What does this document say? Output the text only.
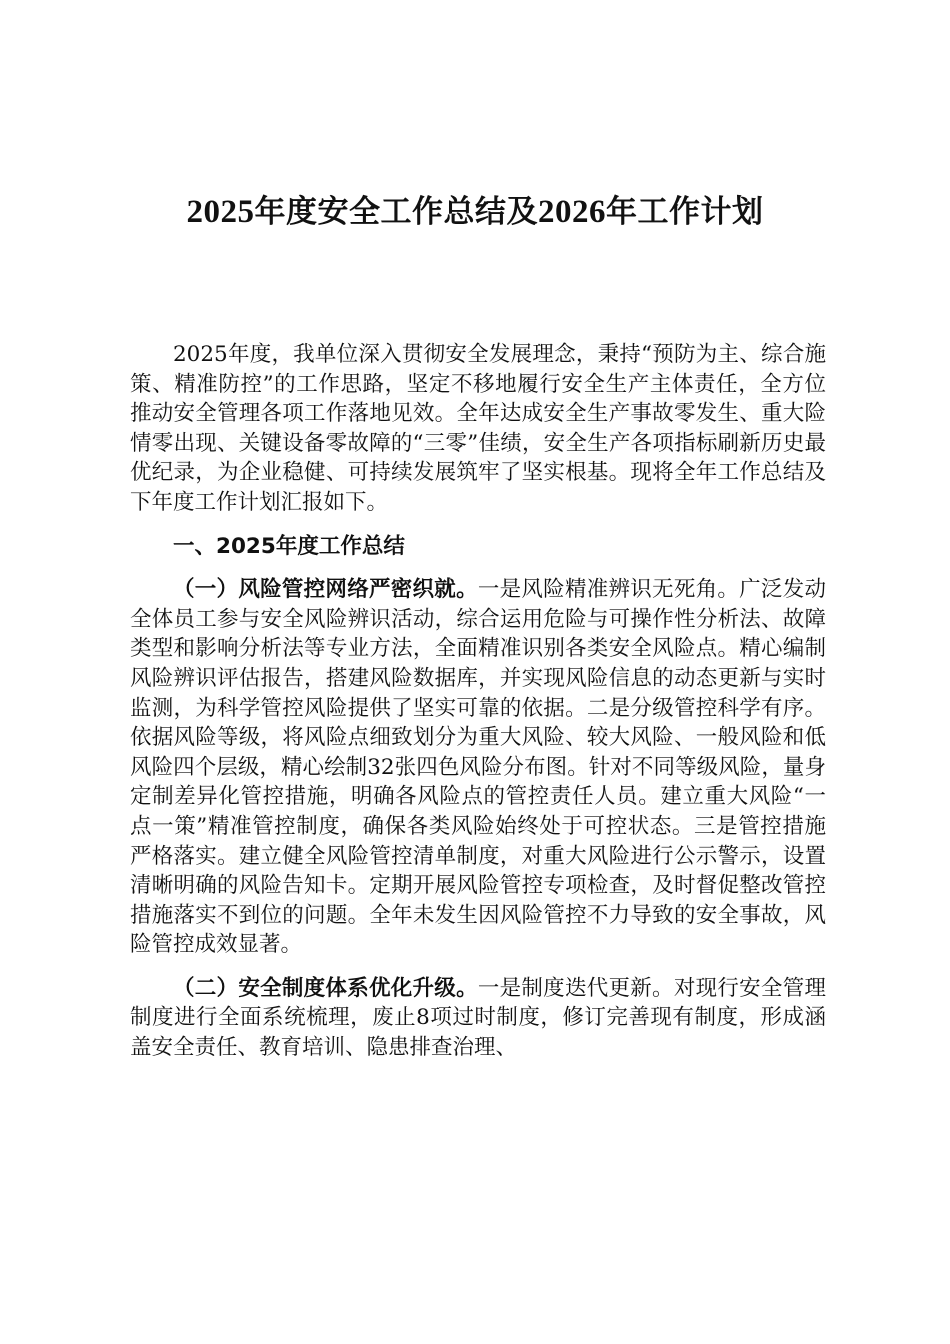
2025年度安全工作总结及2026年工作计划

2025年度，我单位深入贯彻安全发展理念，秉持“预防为主、综合施策、精准防控”的工作思路，坚定不移地履行安全生产主体责任，全方位推动安全管理各项工作落地见效。全年达成安全生产事故零发生、重大险情零出现、关键设备零故障的“三零”佳绩，安全生产各项指标刷新历史最优纪录，为企业稳健、可持续发展筑牢了坚实根基。现将全年工作总结及下年度工作计划汇报如下。

一、2025年度工作总结

（一）风险管控网络严密织就。一是风险精准辨识无死角。广泛发动全体员工参与安全风险辨识活动，综合运用危险与可操作性分析法、故障类型和影响分析法等专业方法，全面精准识别各类安全风险点。精心编制风险辨识评估报告，搭建风险数据库，并实现风险信息的动态更新与实时监测，为科学管控风险提供了坚实可靠的依据。二是分级管控科学有序。依据风险等级，将风险点细致划分为重大风险、较大风险、一般风险和低风险四个层级，精心绘制32张四色风险分布图。针对不同等级风险，量身定制差异化管控措施，明确各风险点的管控责任人员。建立重大风险“一点一策”精准管控制度，确保各类风险始终处于可控状态。三是管控措施严格落实。建立健全风险管控清单制度，对重大风险进行公示警示，设置清晰明确的风险告知卡。定期开展风险管控专项检查，及时督促整改管控措施落实不到位的问题。全年未发生因风险管控不力导致的安全事故，风险管控成效显著。

（二）安全制度体系优化升级。一是制度迭代更新。对现行安全管理制度进行全面系统梳理，废止8项过时制度，修订完善现有制度，形成涵盖安全责任、教育培训、隐患排查治理、
